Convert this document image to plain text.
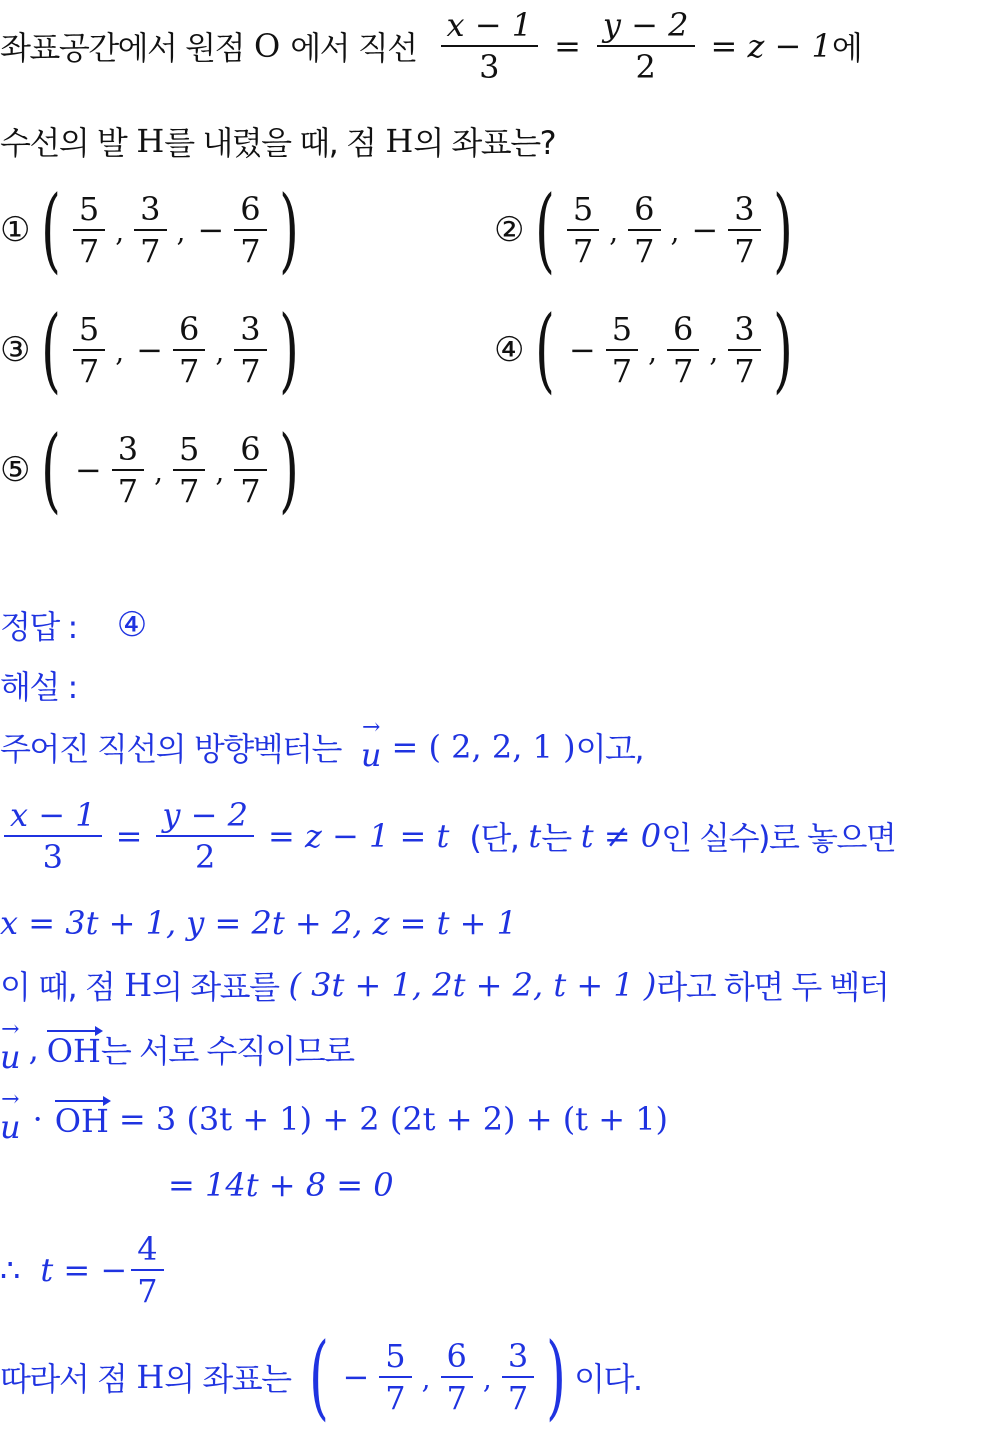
좌표공간에서 원점 O 에서 직선 $\frac{x - 1}{3} = \frac{y - 2}{2} = z - 1$ 에
수선의 발 H 를 내렸을 때, 점 H 의 좌표는?
① ( $\frac{5}{7}$ , $\frac{3}{7}$ , − $\frac{6}{7}$ )	② ( $\frac{5}{7}$ , $\frac{6}{7}$ , − $\frac{3}{7}$ )
③ ( $\frac{5}{7}$ , − $\frac{6}{7}$ , $\frac{3}{7}$ )	④ ( − $\frac{5}{7}$ , $\frac{6}{7}$ , $\frac{3}{7}$ )
⑤ ( − $\frac{3}{7}$ , $\frac{5}{7}$ , $\frac{6}{7}$ )
정답 : ④
해설 :
주어진 직선의 방향벡터는
→
u = ( 2, 2, 1 ) 이고,
$\frac{x - 1}{3} = \frac{y - 2}{2} = z - 1 = t$ (단, t 는 t ≠ 0 인 실수)로 놓으면
x = 3t + 1, y = 2t + 2, z = t + 1
이 때, 점 H 의 좌표를 ( 3t + 1, 2t + 2, t + 1 ) 라고 하면 두 벡터
→
u , OH 는 서로 수직이므로
→
u · OH = 3 (3t + 1) + 2 (2t + 2) + (t + 1)
= 14t + 8 = 0
∴ t = − $\frac{4}{7}$
따라서 점 H 의 좌표는 ( − $\frac{5}{7}$ , $\frac{6}{7}$ , $\frac{3}{7}$ ) 이다.
